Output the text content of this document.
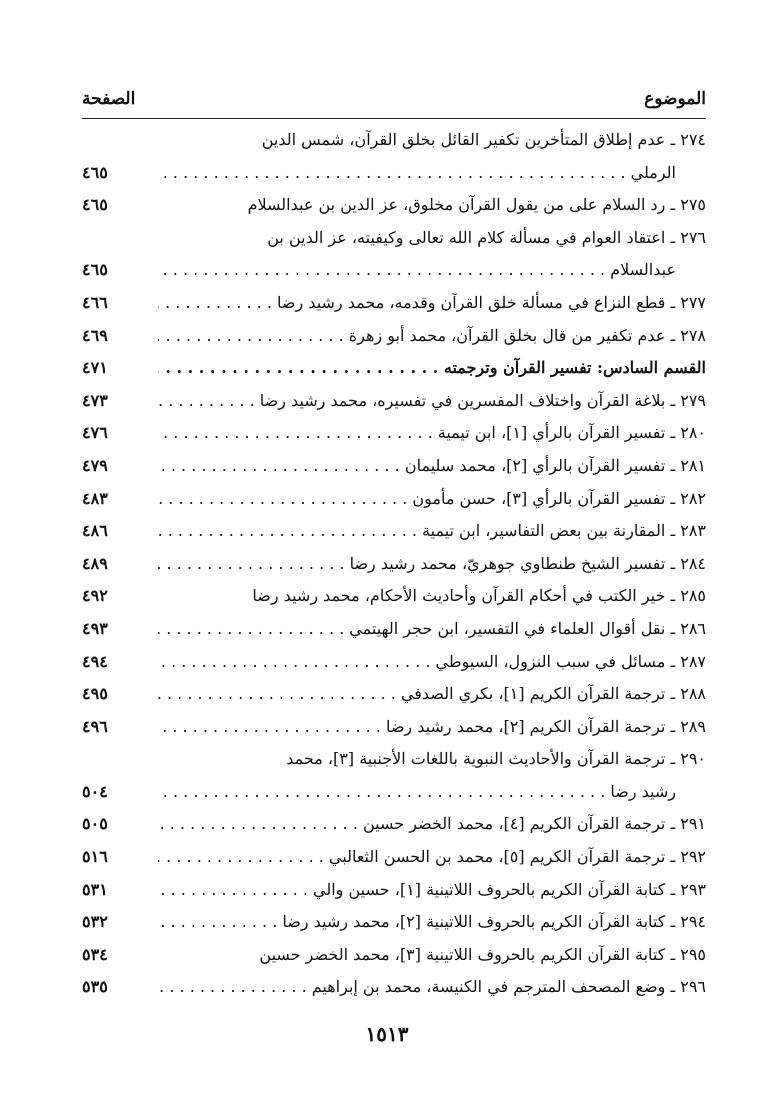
الموضوع
الصفحة
٢٧٤ ـ عدم إطلاق المتأخرين تكفير القائل بخلق القرآن، شمس الدين
٤٦٥	الرملي . . .
٤٦٥	٢٧٥ ـ رد السلام على من يقول القرآن مخلوق، عز الدين بن عبدالسلام
٢٧٦ ـ اعتقاد العوام في مسألة كلام الله تعالى وكيفيته، عز الدين بن
٤٦٥	عبدالسلام . . .
٤٦٦	٢٧٧ ـ قطع النزاع في مسألة خلق القرآن وقدمه، محمد رشيد رضا . . .
٤٦٩	٢٧٨ ـ عدم تكفير من قال بخلق القرآن، محمد أبو زهرة . . .
٤٧١	القسم السادس: تفسير القرآن وترجمته . . .
٤٧٣	٢٧٩ ـ بلاغة القرآن واختلاف المفسرين في تفسيره، محمد رشيد رضا . . .
٤٧٦	٢٨٠ ـ تفسير القرآن بالرأي [١]، ابن تيمية . . .
٤٧٩	٢٨١ ـ تفسير القرآن بالرأي [٢]، محمد سليمان . . .
٤٨٣	٢٨٢ ـ تفسير القرآن بالرأي [٣]، حسن مأمون . . .
٤٨٦	٢٨٣ ـ المقارنة بين بعض التفاسير، ابن تيمية . . .
٤٨٩	٢٨٤ ـ تفسير الشيخ طنطاوي جوهريّ، محمد رشيد رضا . . .
٤٩٢	٢٨٥ ـ خير الكتب في أحكام القرآن وأحاديث الأحكام، محمد رشيد رضا
٤٩٣	٢٨٦ ـ نقل أقوال العلماء في التفسير، ابن حجر الهيتمي . . .
٤٩٤	٢٨٧ ـ مسائل في سبب النزول، السيوطي . . .
٤٩٥	٢٨٨ ـ ترجمة القرآن الكريم [١]، بكري الصدفي . . .
٤٩٦	٢٨٩ ـ ترجمة القرآن الكريم [٢]، محمد رشيد رضا . . .
٢٩٠ ـ ترجمة القرآن والأحاديث النبوية باللغات الأجنبية [٣]، محمد
٥٠٤	رشيد رضا . . .
٥٠٥	٢٩١ ـ ترجمة القرآن الكريم [٤]، محمد الخضر حسين . . .
٥١٦	٢٩٢ ـ ترجمة القرآن الكريم [٥]، محمد بن الحسن الثعالبي . . .
٥٣١	٢٩٣ ـ كتابة القرآن الكريم بالحروف اللاتينية [١]، حسين والي . . .
٥٣٢	٢٩٤ ـ كتابة القرآن الكريم بالحروف اللاتينية [٢]، محمد رشيد رضا . . .
٥٣٤	٢٩٥ ـ كتابة القرآن الكريم بالحروف اللاتينية [٣]، محمد الخضر حسين
٥٣٥	٢٩٦ ـ وضع المصحف المترجم في الكنيسة، محمد بن إبراهيم . . .
١٥١٣
